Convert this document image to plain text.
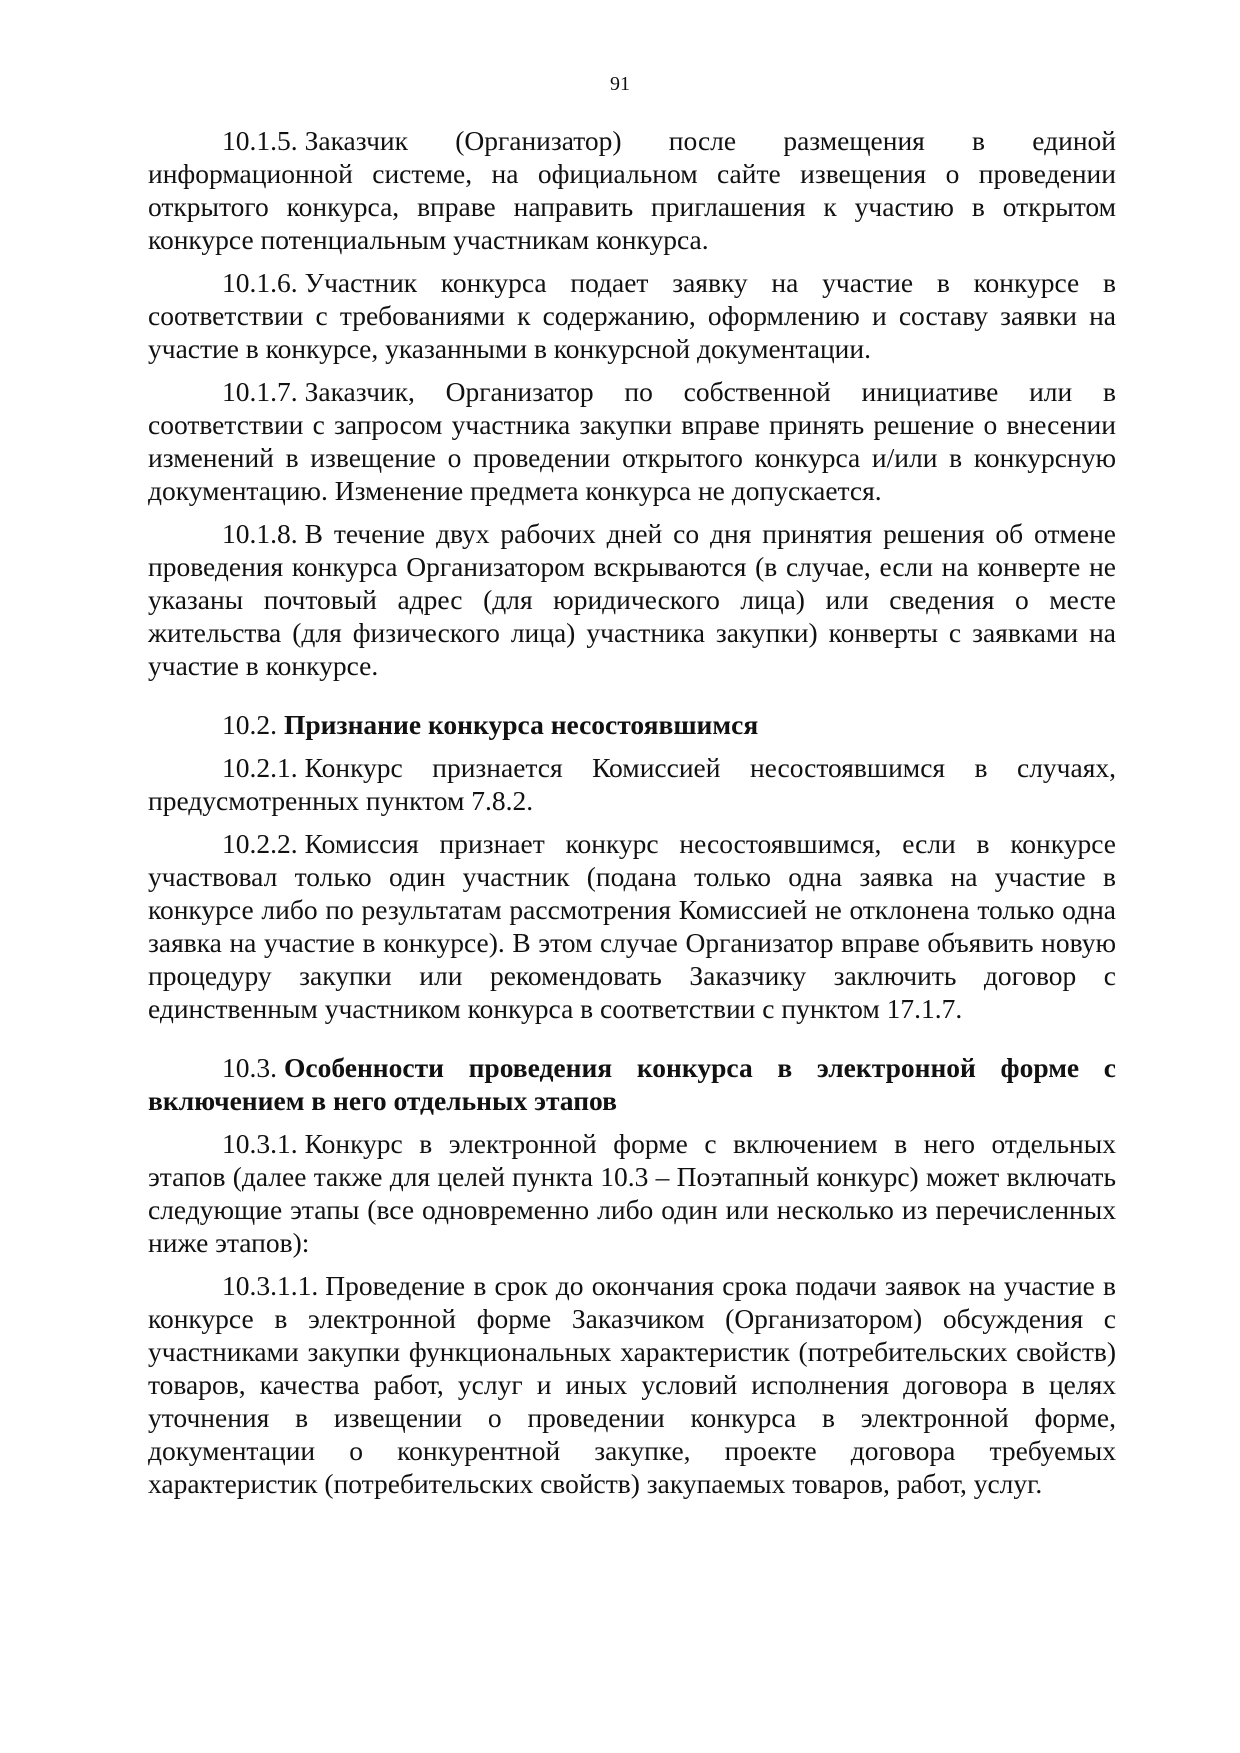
91

10.1.5. Заказчик (Организатор) после размещения в единой информационной системе, на официальном сайте извещения о проведении открытого конкурса, вправе направить приглашения к участию в открытом конкурсе потенциальным участникам конкурса.

10.1.6. Участник конкурса подает заявку на участие в конкурсе в соответствии с требованиями к содержанию, оформлению и составу заявки на участие в конкурсе, указанными в конкурсной документации.

10.1.7. Заказчик, Организатор по собственной инициативе или в соответствии с запросом участника закупки вправе принять решение о внесении изменений в извещение о проведении открытого конкурса и/или в конкурсную документацию. Изменение предмета конкурса не допускается.

10.1.8. В течение двух рабочих дней со дня принятия решения об отмене проведения конкурса Организатором вскрываются (в случае, если на конверте не указаны почтовый адрес (для юридического лица) или сведения о месте жительства (для физического лица) участника закупки) конверты с заявками на участие в конкурсе.

10.2. Признание конкурса несостоявшимся

10.2.1. Конкурс признается Комиссией несостоявшимся в случаях, предусмотренных пунктом 7.8.2.

10.2.2. Комиссия признает конкурс несостоявшимся, если в конкурсе участвовал только один участник (подана только одна заявка на участие в конкурсе либо по результатам рассмотрения Комиссией не отклонена только одна заявка на участие в конкурсе). В этом случае Организатор вправе объявить новую процедуру закупки или рекомендовать Заказчику заключить договор с единственным участником конкурса в соответствии с пунктом 17.1.7.

10.3. Особенности проведения конкурса в электронной форме с включением в него отдельных этапов

10.3.1. Конкурс в электронной форме с включением в него отдельных этапов (далее также для целей пункта 10.3 – Поэтапный конкурс) может включать следующие этапы (все одновременно либо один или несколько из перечисленных ниже этапов):

10.3.1.1. Проведение в срок до окончания срока подачи заявок на участие в конкурсе в электронной форме Заказчиком (Организатором) обсуждения с участниками закупки функциональных характеристик (потребительских свойств) товаров, качества работ, услуг и иных условий исполнения договора в целях уточнения в извещении о проведении конкурса в электронной форме, документации о конкурентной закупке, проекте договора требуемых характеристик (потребительских свойств) закупаемых товаров, работ, услуг.
